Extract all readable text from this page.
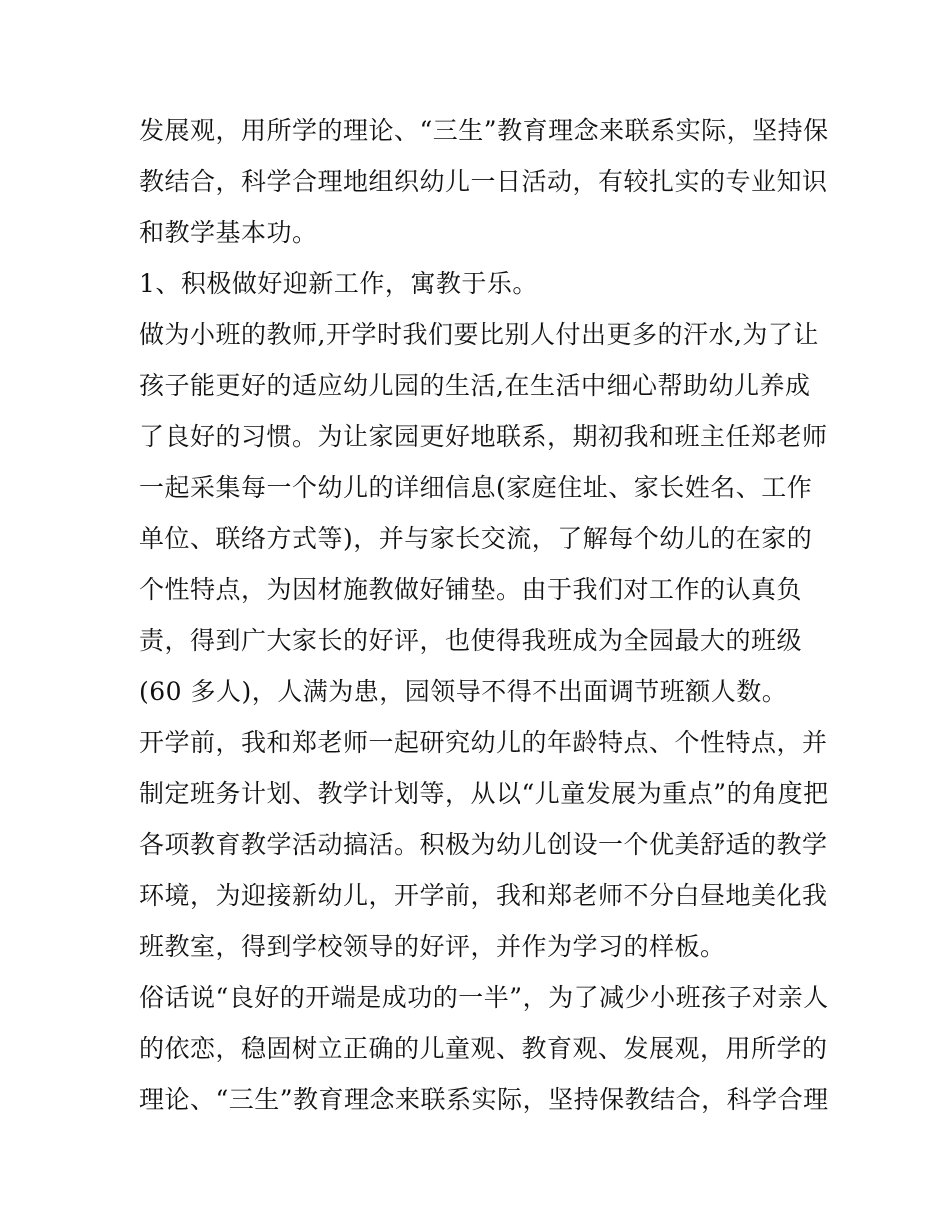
发展观，用所学的理论、“三生”教育理念来联系实际，坚持保
教结合，科学合理地组织幼儿一日活动，有较扎实的专业知识
和教学基本功。
1、积极做好迎新工作，寓教于乐。
做为小班的教师,开学时我们要比别人付出更多的汗水,为了让
孩子能更好的适应幼儿园的生活,在生活中细心帮助幼儿养成
了良好的习惯。为让家园更好地联系，期初我和班主任郑老师
一起采集每一个幼儿的详细信息(家庭住址、家长姓名、工作
单位、联络方式等)，并与家长交流，了解每个幼儿的在家的
个性特点，为因材施教做好铺垫。由于我们对工作的认真负
责，得到广大家长的好评，也使得我班成为全园最大的班级
(60 多人)，人满为患，园领导不得不出面调节班额人数。
开学前，我和郑老师一起研究幼儿的年龄特点、个性特点，并
制定班务计划、教学计划等，从以“儿童发展为重点”的角度把
各项教育教学活动搞活。积极为幼儿创设一个优美舒适的教学
环境，为迎接新幼儿，开学前，我和郑老师不分白昼地美化我
班教室，得到学校领导的好评，并作为学习的样板。
俗话说“良好的开端是成功的一半”，为了减少小班孩子对亲人
的依恋，稳固树立正确的儿童观、教育观、发展观，用所学的
理论、“三生”教育理念来联系实际，坚持保教结合，科学合理
